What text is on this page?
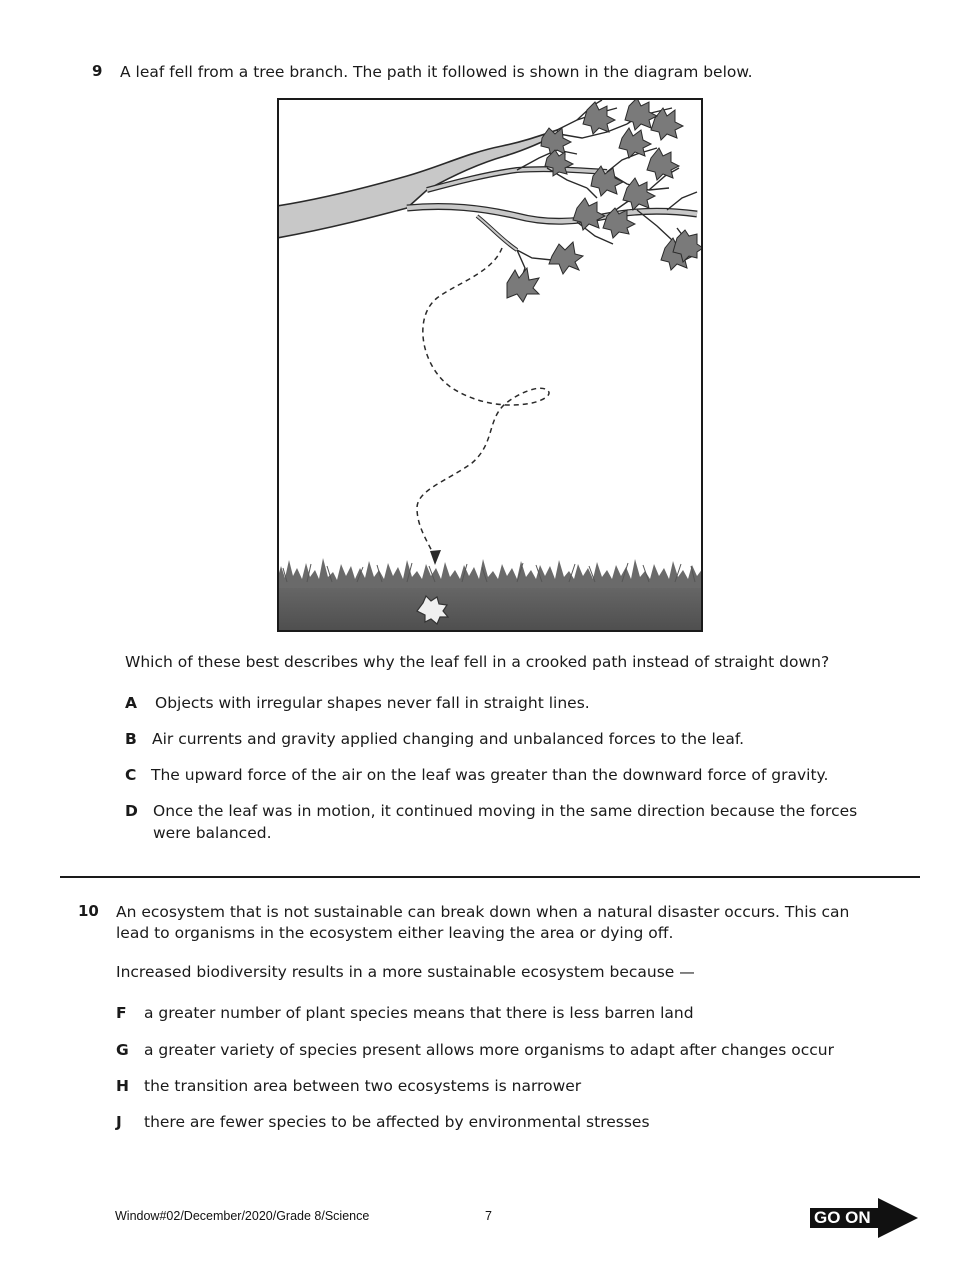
9 A leaf fell from a tree branch. The path it followed is shown in the diagram below.
Which of these best describes why the leaf fell in a crooked path instead of straight down?
A Objects with irregular shapes never fall in straight lines.
B Air currents and gravity applied changing and unbalanced forces to the leaf.
C The upward force of the air on the leaf was greater than the downward force of gravity.
D Once the leaf was in motion, it continued moving in the same direction because the forces
were balanced.
10 An ecosystem that is not sustainable can break down when a natural disaster occurs. This can
lead to organisms in the ecosystem either leaving the area or dying off.
Increased biodiversity results in a more sustainable ecosystem because —
F a greater number of plant species means that there is less barren land
G a greater variety of species present allows more organisms to adapt after changes occur
H the transition area between two ecosystems is narrower
J there are fewer species to be affected by environmental stresses
Window#02/December/2020/Grade 8/Science	7	GO ON
